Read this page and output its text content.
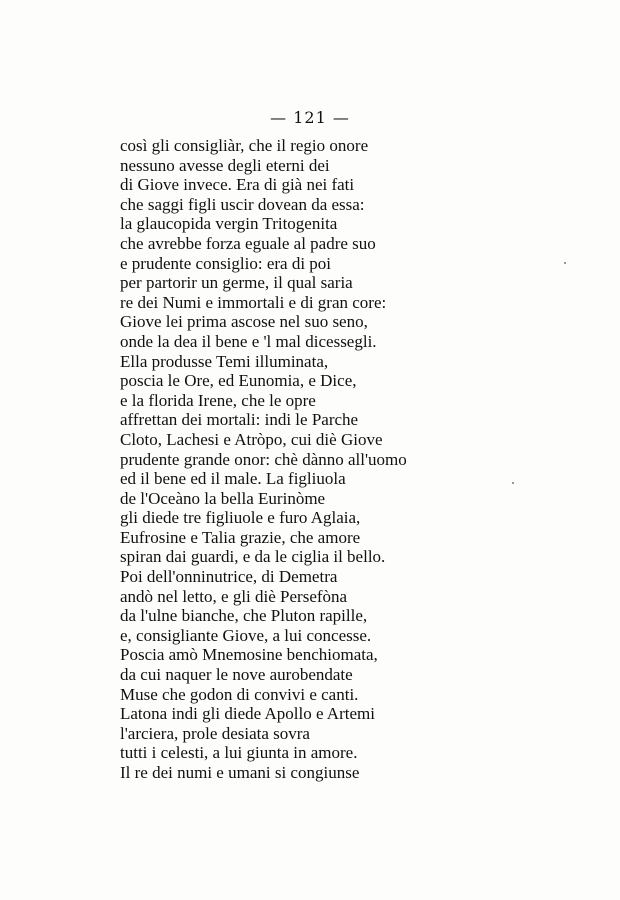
— 121 —
così gli consigliàr, che il regio onore
nessuno avesse degli eterni dei
di Giove invece. Era di già nei fati
che saggi figli uscir dovean da essa:
la glaucopida vergin Tritogenita
che avrebbe forza eguale al padre suo
e prudente consiglio: era di poi
per partorir un germe, il qual saria
re dei Numi e immortali e di gran core:
Giove lei prima ascose nel suo seno,
onde la dea il bene e 'l mal dicessegli.
Ella produsse Temi illuminata,
poscia le Ore, ed Eunomia, e Dice,
e la florida Irene, che le opre
affrettan dei mortali: indi le Parche
Cloto, Lachesi e Atròpo, cui diè Giove
prudente grande onor: chè dànno all'uomo
ed il bene ed il male. La figliuola
de l'Oceàno la bella Eurinòme
gli diede tre figliuole e furo Aglaia,
Eufrosine e Talia grazie, che amore
spiran dai guardi, e da le ciglia il bello.
Poi dell'onninutrice, di Demetra
andò nel letto, e gli diè Persefòna
da l'ulne bianche, che Pluton rapille,
e, consigliante Giove, a lui concesse.
Poscia amò Mnemosine benchiomata,
da cui naquer le nove aurobendate
Muse che godon di convivi e canti.
Latona indi gli diede Apollo e Artemi
l'arciera, prole desiata sovra
tutti i celesti, a lui giunta in amore.
Il re dei numi e umani si congiunse
